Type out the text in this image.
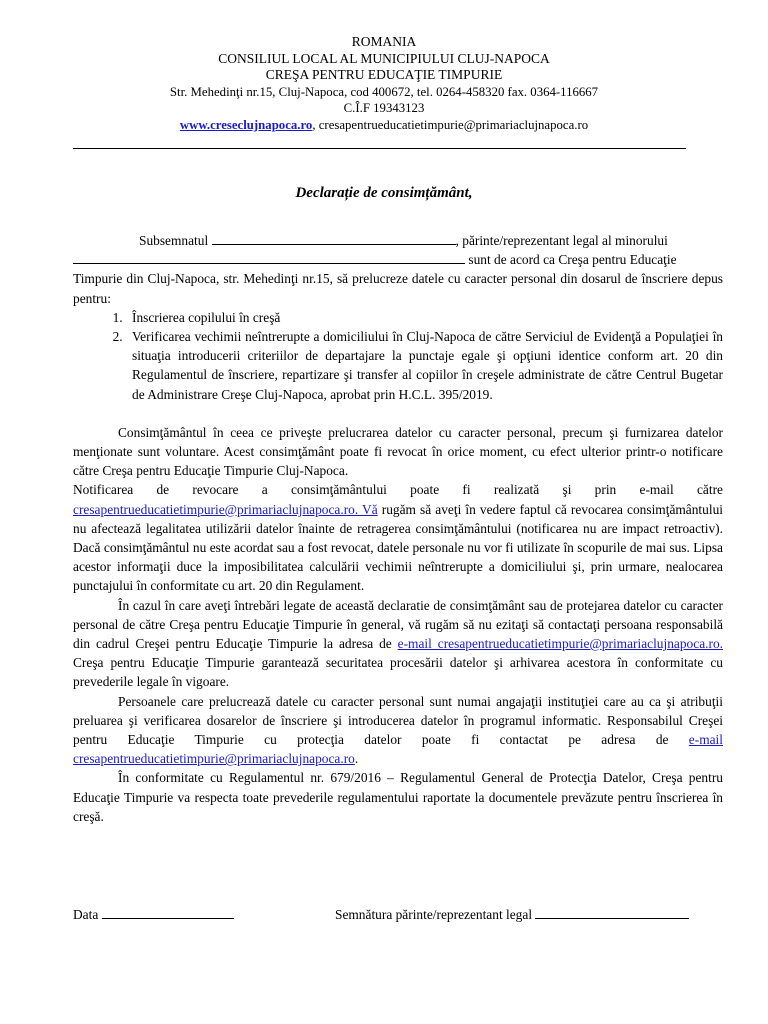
ROMANIA
CONSILIUL LOCAL AL MUNICIPIULUI CLUJ-NAPOCA
CREŞA PENTRU EDUCAŢIE TIMPURIE
Str. Mehedinţi nr.15, Cluj-Napoca, cod 400672, tel. 0264-458320 fax. 0364-116667
C.Î.F 19343123
www.creseclujnapoca.ro, cresapentrueducatietimpurie@primariaclujnapoca.ro
Declarație de consimțământ,

Subsemnatul	, părinte/reprezentant legal al minorului

sunt de acord ca Creşa pentru Educaţie

Timpurie din Cluj-Napoca, str. Mehedinţi nr.15, să prelucreze datele cu caracter personal din dosarul de înscriere depus pentru:

1. Înscrierea copilului în creşă
2. Verificarea vechimii neîntrerupte a domiciliului în Cluj-Napoca de către Serviciul de Evidenţă a Populaţiei în situaţia introducerii criteriilor de departajare la punctaje egale şi opţiuni identice conform art. 20 din Regulamentul de înscriere, repartizare şi transfer al copiilor în creşele administrate de către Centrul Bugetar de Administrare Creşe Cluj-Napoca, aprobat prin H.C.L. 395/2019.

Consimţământul în ceea ce priveşte prelucrarea datelor cu caracter personal, precum şi furnizarea datelor menţionate sunt voluntare. Acest consimţământ poate fi revocat în orice moment, cu efect ulterior printr-o notificare către Creşa pentru Educaţie Timpurie Cluj-Napoca.

Notificarea de revocare a consimţământului poate fi realizată şi prin e-mail către cresapentrueducatietimpurie@primariaclujnapoca.ro. Vă rugăm să aveţi în vedere faptul că revocarea consimţământului nu afectează legalitatea utilizării datelor înainte de retragerea consimţământului (notificarea nu are impact retroactiv). Dacă consimţământul nu este acordat sau a fost revocat, datele personale nu vor fi utilizate în scopurile de mai sus. Lipsa acestor informaţii duce la imposibilitatea calculării vechimii neîntrerupte a domiciliului şi, prin urmare, nealocarea punctajului în conformitate cu art. 20 din Regulament.

În cazul în care aveţi întrebări legate de această declaratie de consimţământ sau de protejarea datelor cu caracter personal de către Creşa pentru Educaţie Timpurie în general, vă rugăm să nu ezitaţi să contactaţi persoana responsabilă din cadrul Creşei pentru Educaţie Timpurie la adresa de e-mail cresapentrueducatietimpurie@primariaclujnapoca.ro. Creşa pentru Educaţie Timpurie garantează securitatea procesării datelor şi arhivarea acestora în conformitate cu prevederile legale în vigoare.

Persoanele care prelucrează datele cu caracter personal sunt numai angajaţii instituţiei care au ca şi atribuţii preluarea şi verificarea dosarelor de înscriere şi introducerea datelor în programul informatic. Responsabilul Creşei pentru Educaţie Timpurie cu protecţia datelor poate fi contactat pe adresa de e-mail cresapentrueducatietimpurie@primariaclujnapoca.ro.

În conformitate cu Regulamentul nr. 679/2016 – Regulamentul General de Protecţia Datelor, Creşa pentru Educaţie Timpurie va respecta toate prevederile regulamentului raportate la documentele prevăzute pentru înscrierea în creşă.

Data	Semnătura părinte/reprezentant legal
